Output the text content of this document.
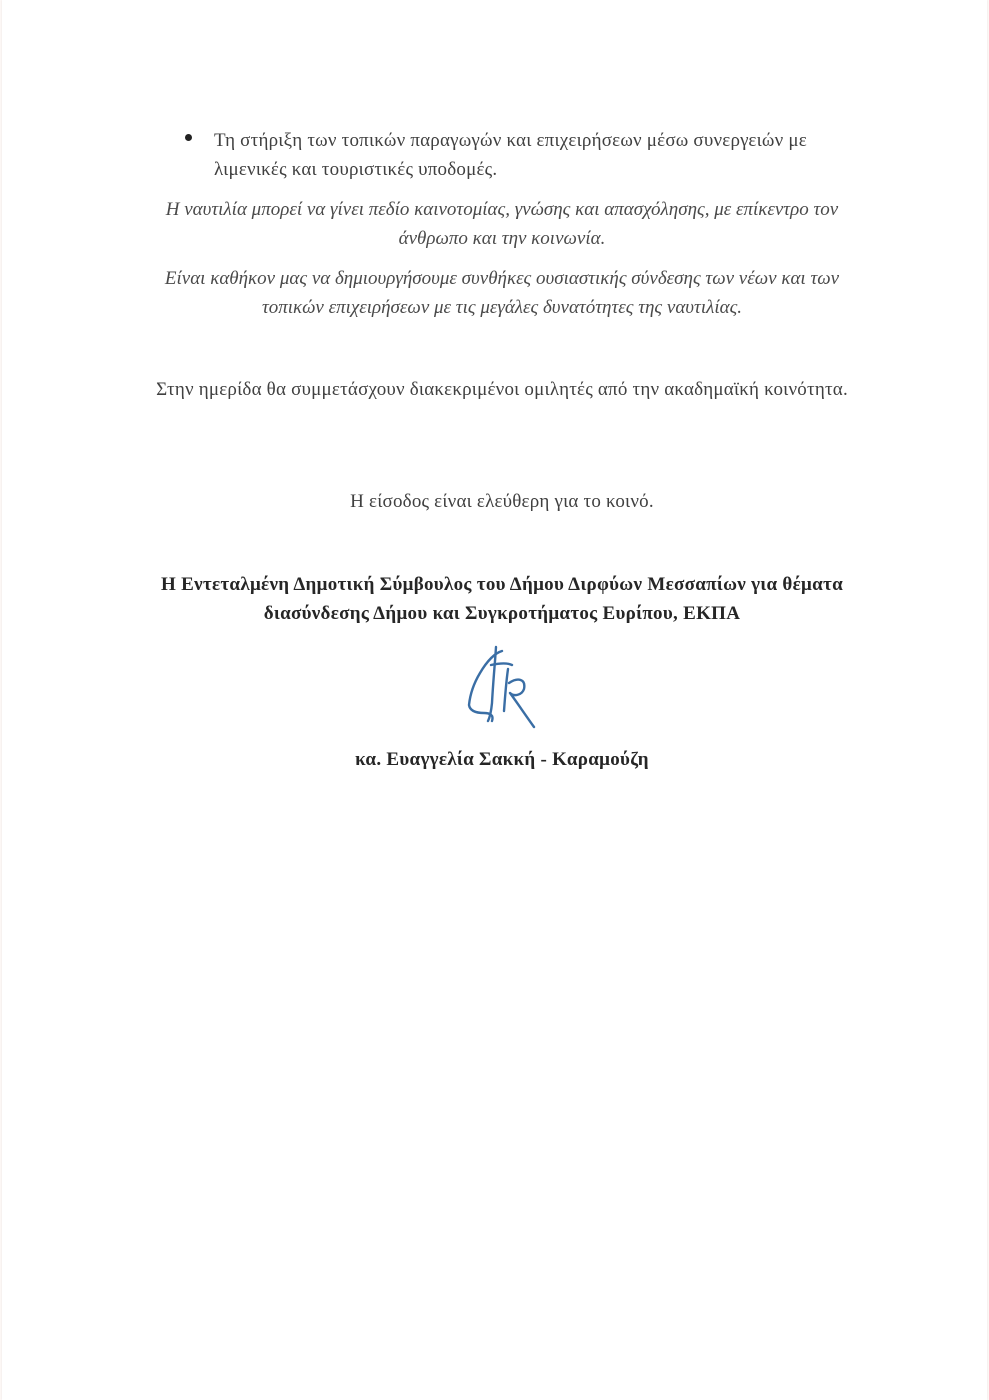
Τη στήριξη των τοπικών παραγωγών και επιχειρήσεων μέσω συνεργειών με λιμενικές και τουριστικές υποδομές.
Η ναυτιλία μπορεί να γίνει πεδίο καινοτομίας, γνώσης και απασχόλησης, με επίκεντρο τον άνθρωπο και την κοινωνία.
Είναι καθήκον μας να δημιουργήσουμε συνθήκες ουσιαστικής σύνδεσης των νέων και των τοπικών επιχειρήσεων με τις μεγάλες δυνατότητες της ναυτιλίας.
Στην ημερίδα θα συμμετάσχουν διακεκριμένοι ομιλητές από την ακαδημαϊκή κοινότητα.
Η είσοδος είναι ελεύθερη για το κοινό.
Η Εντεταλμένη Δημοτική Σύμβουλος του Δήμου Διρφύων Μεσσαπίων για θέματα διασύνδεσης Δήμου και Συγκροτήματος Ευρίπου, ΕΚΠΑ
κα. Ευαγγελία Σακκή - Καραμούζη
